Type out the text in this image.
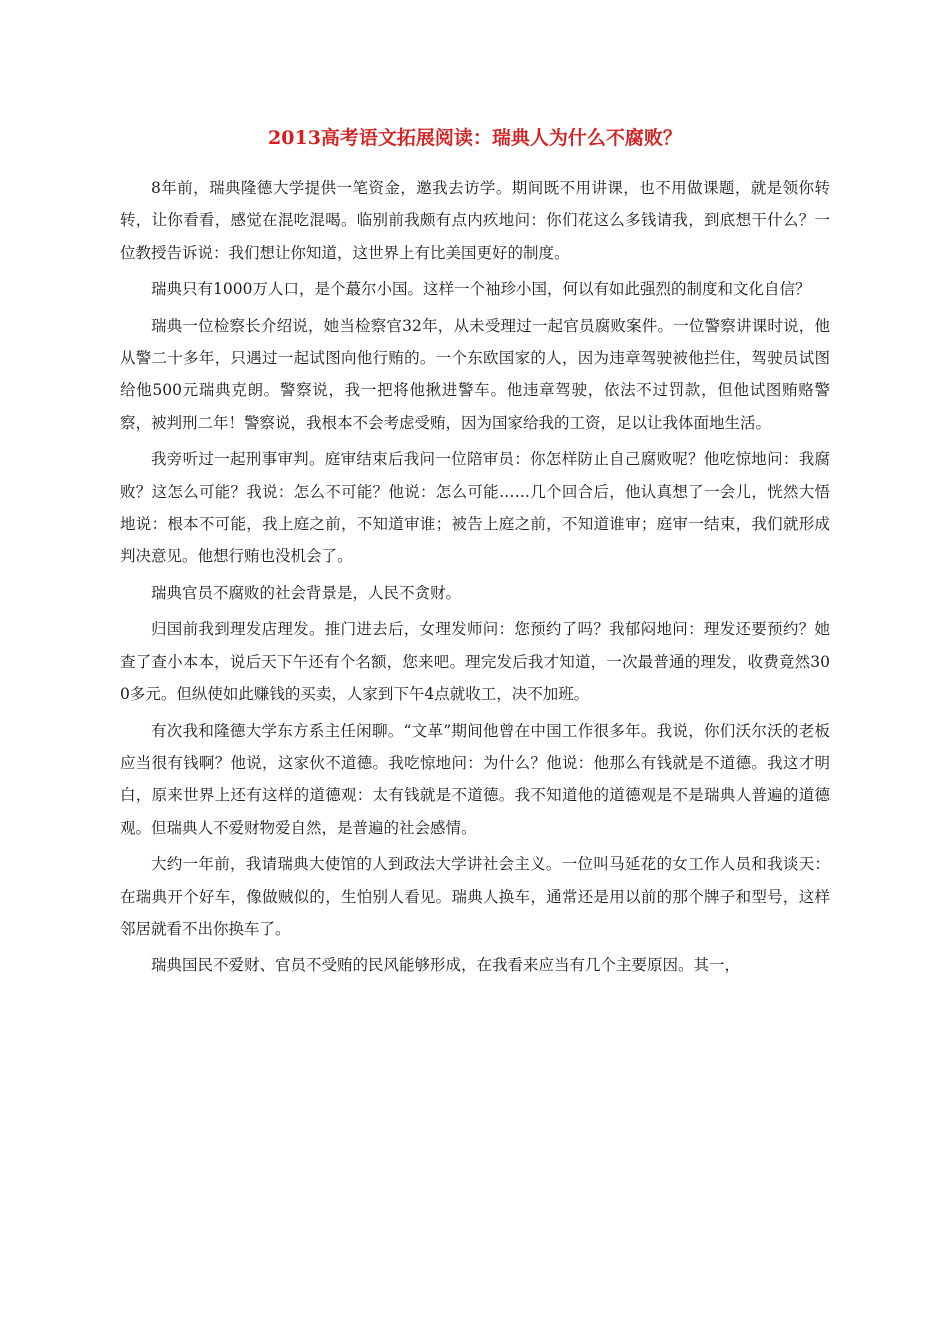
2013高考语文拓展阅读：瑞典人为什么不腐败？

8年前，瑞典隆德大学提供一笔资金，邀我去访学。期间既不用讲课，也不用做课题，就是领你转转，让你看看，感觉在混吃混喝。临别前我颇有点内疚地问：你们花这么多钱请我，到底想干什么？一位教授告诉说：我们想让你知道，这世界上有比美国更好的制度。

瑞典只有1000万人口，是个蕞尔小国。这样一个袖珍小国，何以有如此强烈的制度和文化自信？

瑞典一位检察长介绍说，她当检察官32年，从未受理过一起官员腐败案件。一位警察讲课时说，他从警二十多年，只遇过一起试图向他行贿的。一个东欧国家的人，因为违章驾驶被他拦住，驾驶员试图给他500元瑞典克朗。警察说，我一把将他揪进警车。他违章驾驶，依法不过罚款，但他试图贿赂警察，被判刑二年！警察说，我根本不会考虑受贿，因为国家给我的工资，足以让我体面地生活。

我旁听过一起刑事审判。庭审结束后我问一位陪审员：你怎样防止自己腐败呢？他吃惊地问：我腐败？这怎么可能？我说：怎么不可能？他说：怎么可能……几个回合后，他认真想了一会儿，恍然大悟地说：根本不可能，我上庭之前，不知道审谁；被告上庭之前，不知道谁审；庭审一结束，我们就形成判决意见。他想行贿也没机会了。

瑞典官员不腐败的社会背景是，人民不贪财。

归国前我到理发店理发。推门进去后，女理发师问：您预约了吗？我郁闷地问：理发还要预约？她查了查小本本，说后天下午还有个名额，您来吧。理完发后我才知道，一次最普通的理发，收费竟然300多元。但纵使如此赚钱的买卖，人家到下午4点就收工，决不加班。

有次我和隆德大学东方系主任闲聊。“文革”期间他曾在中国工作很多年。我说，你们沃尔沃的老板应当很有钱啊？他说，这家伙不道德。我吃惊地问：为什么？他说：他那么有钱就是不道德。我这才明白，原来世界上还有这样的道德观：太有钱就是不道德。我不知道他的道德观是不是瑞典人普遍的道德观。但瑞典人不爱财物爱自然，是普遍的社会感情。

大约一年前，我请瑞典大使馆的人到政法大学讲社会主义。一位叫马延花的女工作人员和我谈天：在瑞典开个好车，像做贼似的，生怕别人看见。瑞典人换车，通常还是用以前的那个牌子和型号，这样邻居就看不出你换车了。

瑞典国民不爱财、官员不受贿的民风能够形成，在我看来应当有几个主要原因。其一，
